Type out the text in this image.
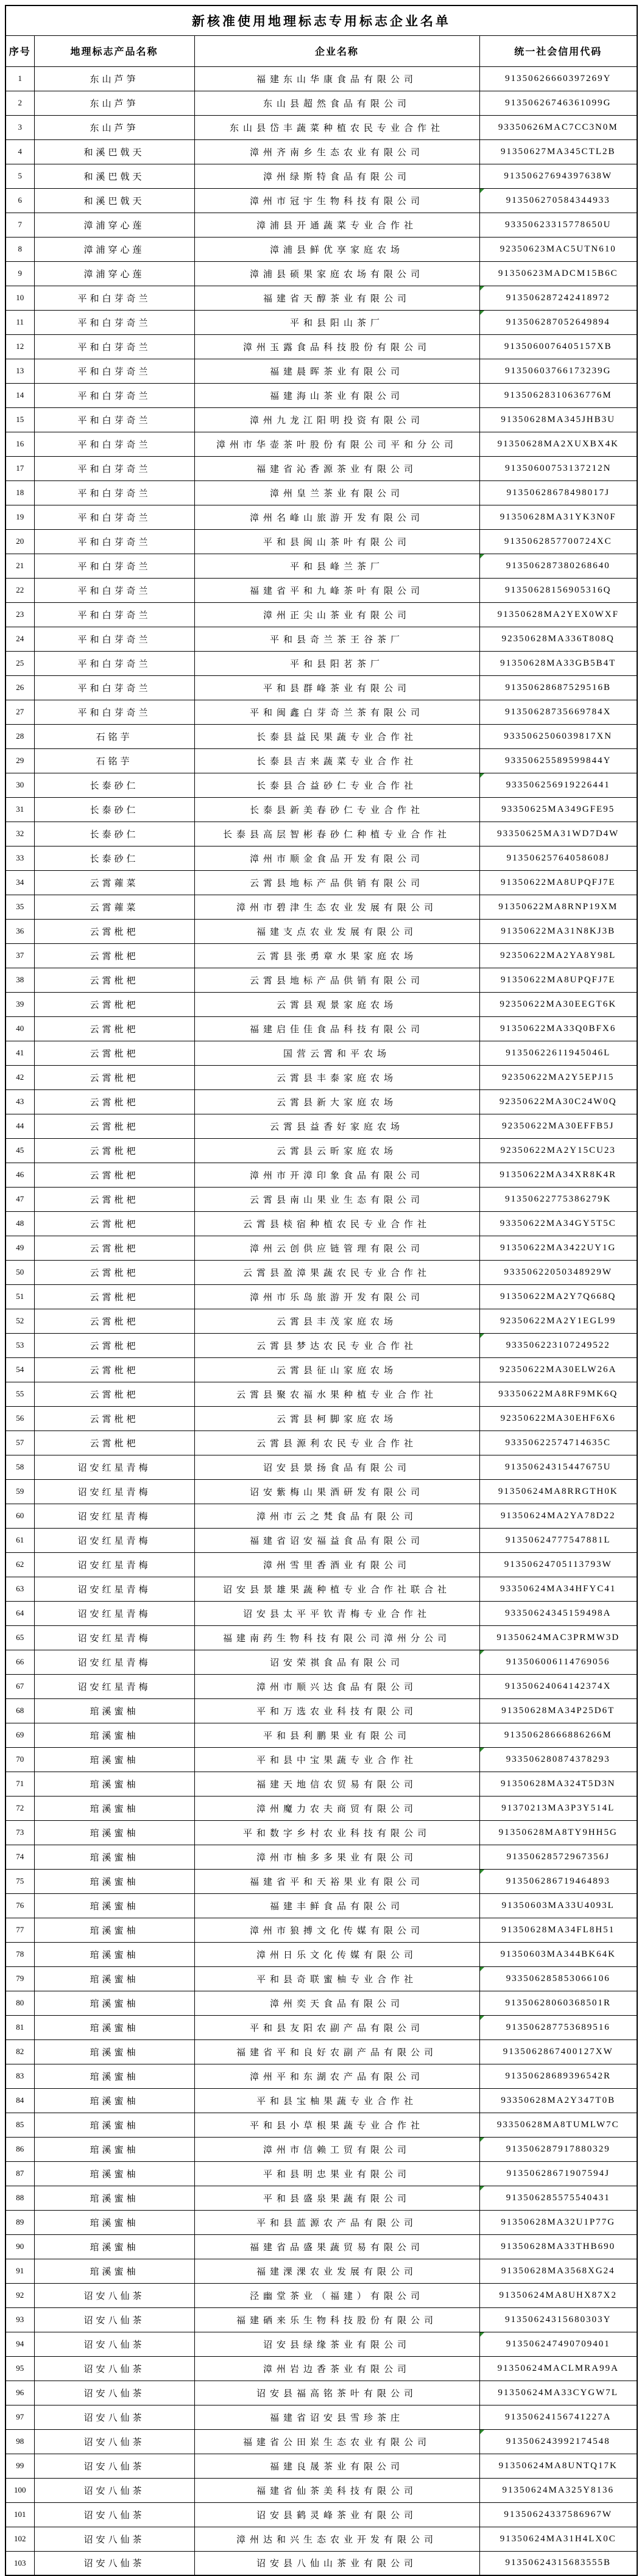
新核准使用地理标志专用标志企业名单			
序号	地理标志产品名称	企业名称	统一社会信用代码
1	东山芦笋	福建东山华康食品有限公司	91350626660397269Y
2	东山芦笋	东山县超然食品有限公司	91350626746361099G
3	东山芦笋	东山县岱丰蔬菜种植农民专业合作社	93350626MAC7CC3N0M
4	和溪巴戟天	漳州齐南乡生态农业有限公司	91350627MA345CTL2B
5	和溪巴戟天	漳州绿斯特食品有限公司	91350627694397638W
6	和溪巴戟天	漳州市冠宇生物科技有限公司	913506270584344933
7	漳浦穿心莲	漳浦县开通蔬菜专业合作社	93350623315778650U
8	漳浦穿心莲	漳浦县鲜优享家庭农场	92350623MAC5UTN610
9	漳浦穿心莲	漳浦县硕果家庭农场有限公司	91350623MADCM15B6C
10	平和白芽奇兰	福建省天醇茶业有限公司	913506287242418972
11	平和白芽奇兰	平和县阳山茶厂	913506287052649894
12	平和白芽奇兰	漳州玉露食品科技股份有限公司	9135060076405157XB
13	平和白芽奇兰	福建晨晖茶业有限公司	91350603766173239G
14	平和白芽奇兰	福建海山茶业有限公司	91350628310636776M
15	平和白芽奇兰	漳州九龙江阳明投资有限公司	91350628MA345JHB3U
16	平和白芽奇兰	漳州市华壶茶叶股份有限公司平和分公司	91350628MA2XUXBX4K
17	平和白芽奇兰	福建省沁香源茶业有限公司	91350600753137212N
18	平和白芽奇兰	漳州皇兰茶业有限公司	91350628678498017J
19	平和白芽奇兰	漳州名峰山旅游开发有限公司	91350628MA31YK3N0F
20	平和白芽奇兰	平和县闽山茶叶有限公司	9135062857700724XC
21	平和白芽奇兰	平和县峰兰茶厂	913506287380268640
22	平和白芽奇兰	福建省平和九峰茶叶有限公司	91350628156905316Q
23	平和白芽奇兰	漳州正尖山茶业有限公司	91350628MA2YEX0WXF
24	平和白芽奇兰	平和县奇兰茶王谷茶厂	92350628MA336T808Q
25	平和白芽奇兰	平和县阳茗茶厂	91350628MA33GB5B4T
26	平和白芽奇兰	平和县群峰茶业有限公司	91350628687529516B
27	平和白芽奇兰	平和闽鑫白芽奇兰茶有限公司	91350628735669784X
28	石铭芋	长泰县益民果蔬专业合作社	9335062506039817XN
29	石铭芋	长泰县吉来蔬菜专业合作社	93350625589599844Y
30	长泰砂仁	长泰县合益砂仁专业合作社	933506256919226441
31	长泰砂仁	长泰县新美春砂仁专业合作社	93350625MA349GFE95
32	长泰砂仁	长泰县高层智彬春砂仁种植专业合作社	93350625MA31WD7D4W
33	长泰砂仁	漳州市顺金食品开发有限公司	91350625764058608J
34	云霄蕹菜	云霄县地标产品供销有限公司	91350622MA8UPQFJ7E
35	云霄蕹菜	漳州市碧津生态农业发展有限公司	91350622MA8RNP19XM
36	云霄枇杷	福建支点农业发展有限公司	91350622MA31N8KJ3B
37	云霄枇杷	云霄县张勇章水果家庭农场	92350622MA2YA8Y98L
38	云霄枇杷	云霄县地标产品供销有限公司	91350622MA8UPQFJ7E
39	云霄枇杷	云霄县观景家庭农场	92350622MA30EEGT6K
40	云霄枇杷	福建启佳佳食品科技有限公司	91350622MA33Q0BFX6
41	云霄枇杷	国营云霄和平农场	91350622611945046L
42	云霄枇杷	云霄县丰泰家庭农场	92350622MA2Y5EPJ15
43	云霄枇杷	云霄县新大家庭农场	92350622MA30C24W0Q
44	云霄枇杷	云霄县益香好家庭农场	92350622MA30EFFB5J
45	云霄枇杷	云霄县云昕家庭农场	92350622MA2Y15CU23
46	云霄枇杷	漳州市开漳印象食品有限公司	91350622MA34XR8K4R
47	云霄枇杷	云霄县南山果业生态有限公司	91350622775386279K
48	云霄枇杷	云霄县棪宿种植农民专业合作社	93350622MA34GY5T5C
49	云霄枇杷	漳州云创供应链管理有限公司	91350622MA3422UY1G
50	云霄枇杷	云霄县盈漳果蔬农民专业合作社	93350622050348929W
51	云霄枇杷	漳州市乐岛旅游开发有限公司	91350622MA2Y7Q668Q
52	云霄枇杷	云霄县丰茂家庭农场	92350622MA2Y1EGL99
53	云霄枇杷	云霄县梦达农民专业合作社	933506223107249522
54	云霄枇杷	云霄县征山家庭农场	92350622MA30ELW26A
55	云霄枇杷	云霄县聚农福水果种植专业合作社	93350622MA8RF9MK6Q
56	云霄枇杷	云霄县柯脚家庭农场	92350622MA30EHF6X6
57	云霄枇杷	云霄县源利农民专业合作社	93350622574714635C
58	诏安红星青梅	诏安县景扬食品有限公司	91350624315447675U
59	诏安红星青梅	诏安紫梅山果酒研发有限公司	91350624MA8RRGTH0K
60	诏安红星青梅	漳州市云之梵食品有限公司	91350624MA2YA78D22
61	诏安红星青梅	福建省诏安福益食品有限公司	91350624777547881L
62	诏安红星青梅	漳州雪里香酒业有限公司	91350624705113793W
63	诏安红星青梅	诏安县景雄果蔬种植专业合作社联合社	93350624MA34HFYC41
64	诏安红星青梅	诏安县太平平钦青梅专业合作社	93350624345159498A
65	诏安红星青梅	福建南药生物科技有限公司漳州分公司	91350624MAC3PRMW3D
66	诏安红星青梅	诏安荣祺食品有限公司	913506006114769056
67	诏安红星青梅	漳州市顺兴达食品有限公司	91350624064142374X
68	琯溪蜜柚	平和万选农业科技有限公司	91350628MA34P25D6T
69	琯溪蜜柚	平和县利鹏果业有限公司	91350628666886266M
70	琯溪蜜柚	平和县中宝果蔬专业合作社	933506280874378293
71	琯溪蜜柚	福建天地信农贸易有限公司	91350628MA324T5D3N
72	琯溪蜜柚	漳州魔力农夫商贸有限公司	91370213MA3P3Y514L
73	琯溪蜜柚	平和数字乡村农业科技有限公司	91350628MA8TY9HH5G
74	琯溪蜜柚	漳州市柚多多果业有限公司	91350628572967356J
75	琯溪蜜柚	福建省平和天裕果业有限公司	913506286719464893
76	琯溪蜜柚	福建丰鲜食品有限公司	91350603MA33U4093L
77	琯溪蜜柚	漳州市狼搏文化传媒有限公司	91350628MA34FL8H51
78	琯溪蜜柚	漳州日乐文化传媒有限公司	91350603MA344BK64K
79	琯溪蜜柚	平和县奇联蜜柚专业合作社	933506285853066106
80	琯溪蜜柚	漳州奕天食品有限公司	91350628060368501R
81	琯溪蜜柚	平和县友阳农副产品有限公司	913506287753689516
82	琯溪蜜柚	福建省平和良好农副产品有限公司	9135062867400127XW
83	琯溪蜜柚	漳州平和东湖农产品有限公司	91350628689396542R
84	琯溪蜜柚	平和县宝柚果蔬专业合作社	93350628MA2Y347T0B
85	琯溪蜜柚	平和县小草根果蔬专业合作社	93350628MA8TUMLW7C
86	琯溪蜜柚	漳州市信赖工贸有限公司	913506287917880329
87	琯溪蜜柚	平和县明忠果业有限公司	91350628671907594J
88	琯溪蜜柚	平和县盛泉果蔬有限公司	913506285575540431
89	琯溪蜜柚	平和县蓝源农产品有限公司	91350628MA32U1P77G
90	琯溪蜜柚	福建省品盛果蔬贸易有限公司	91350628MA33THB690
91	琯溪蜜柚	福建淉淉农业发展有限公司	91350628MA3568XG24
92	诏安八仙茶	泾幽堂茶业（福建）有限公司	91350624MA8UHX87X2
93	诏安八仙茶	福建硒来乐生物科技股份有限公司	91350624315680303Y
94	诏安八仙茶	诏安县绿缘茶业有限公司	913506247490709401
95	诏安八仙茶	漳州岩边香茶业有限公司	91350624MACLMRA99A
96	诏安八仙茶	诏安县福高铭茶叶有限公司	91350624MA33CYGW7L
97	诏安八仙茶	福建省诏安县雪珍茶庄	91350624156741227A
98	诏安八仙茶	福建省公田岽生态农业有限公司	913506243992174548
99	诏安八仙茶	福建良晟茶业有限公司	91350624MA8UNTQ17K
100	诏安八仙茶	福建省仙茶美科技有限公司	91350624MA325Y8136
101	诏安八仙茶	诏安县鹤灵峰茶业有限公司	91350624337586967W
102	诏安八仙茶	漳州达和兴生态农业开发有限公司	91350624MA31H4LX0C
103	诏安八仙茶	诏安县八仙山茶业有限公司	91350624315683555B
